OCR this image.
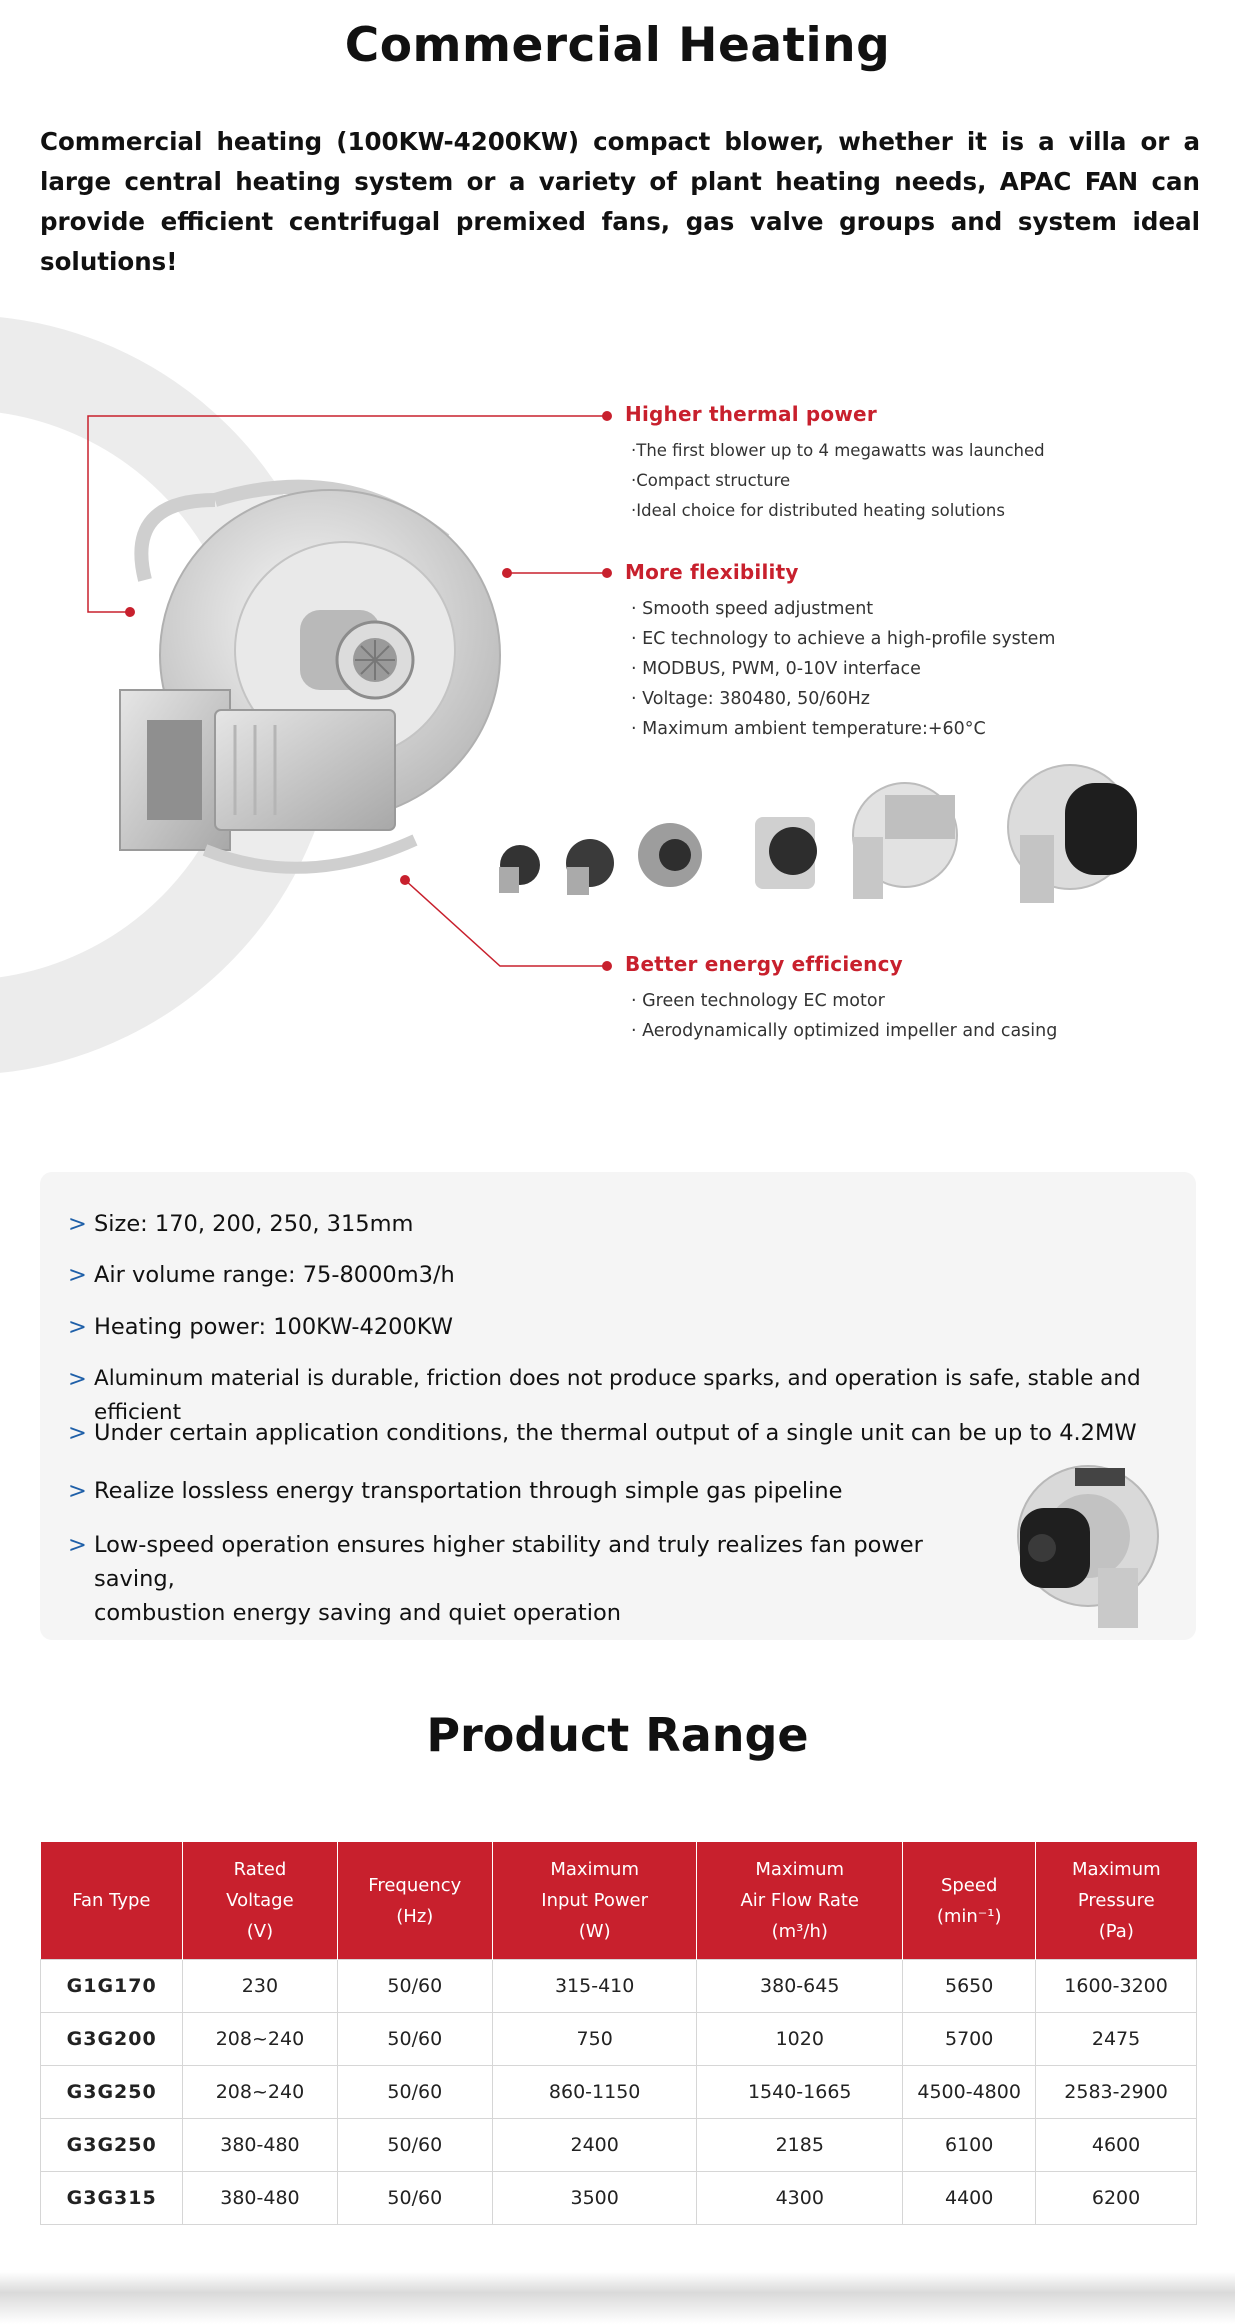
Commercial Heating
Commercial heating (100KW-4200KW) compact blower, whether it is a villa or a large central heating system or a variety of plant heating needs, APAC FAN can provide efficient centrifugal premixed fans, gas valve groups and system ideal solutions!
Higher thermal power
·The first blower up to 4 megawatts was launched
·Compact structure
·Ideal choice for distributed heating solutions
More flexibility
· Smooth speed adjustment
· EC technology to achieve a high-profile system
· MODBUS, PWM, 0-10V interface
· Voltage: 380480, 50/60Hz
· Maximum ambient temperature:+60°C
Better energy efficiency
· Green technology EC motor
· Aerodynamically optimized impeller and casing
> Size: 170, 200, 250, 315mm
> Air volume range: 75-8000m3/h
> Heating power: 100KW-4200KW
> Aluminum material is durable, friction does not produce sparks, and operation is safe, stable and efficient
> Under certain application conditions, the thermal output of a single unit can be up to 4.2MW
> Realize lossless energy transportation through simple gas pipeline
> Low-speed operation ensures higher stability and truly realizes fan power saving,
combustion energy saving and quiet operation
Product Range
Fan Type	Rated
Voltage
(V)	Frequency
(Hz)	Maximum
Input Power
(W)	Maximum
Air Flow Rate
(m³/h)	Speed
(min⁻¹)	Maximum
Pressure
(Pa)

G1G170	230	50/60	315-410	380-645	5650	1600-3200
G3G200	208~240	50/60	750	1020	5700	2475
G3G250	208~240	50/60	860-1150	1540-1665	4500-4800	2583-2900
G3G250	380-480	50/60	2400	2185	6100	4600
G3G315	380-480	50/60	3500	4300	4400	6200
